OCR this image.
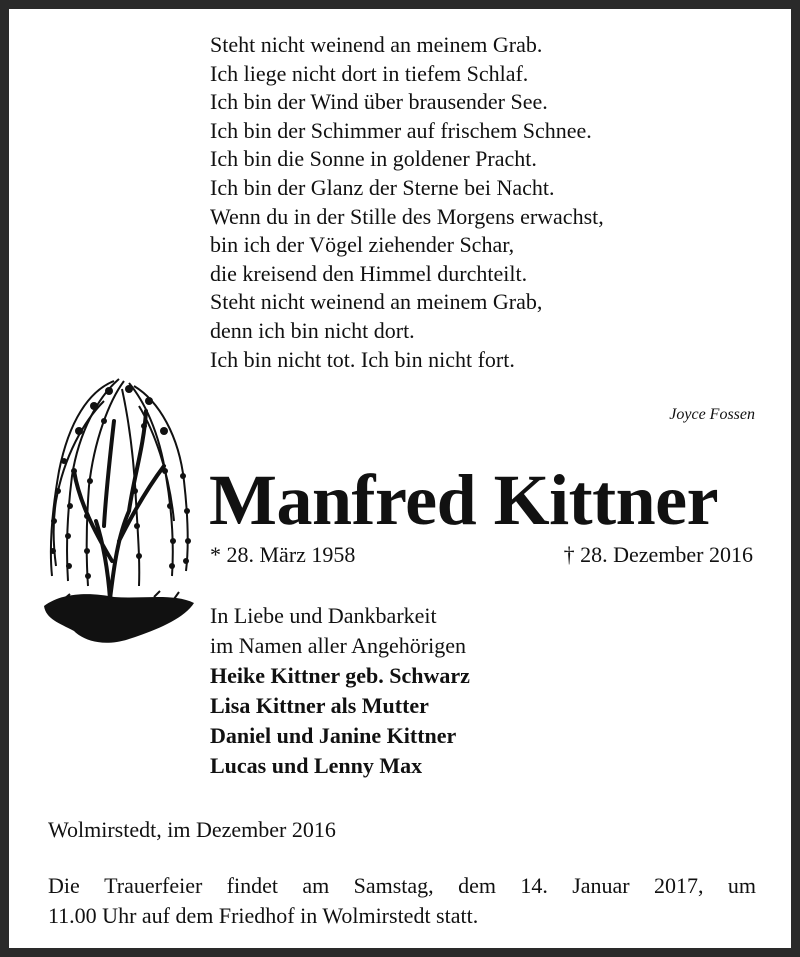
Steht nicht weinend an meinem Grab.
Ich liege nicht dort in tiefem Schlaf.
Ich bin der Wind über brausender See.
Ich bin der Schimmer auf frischem Schnee.
Ich bin die Sonne in goldener Pracht.
Ich bin der Glanz der Sterne bei Nacht.
Wenn du in der Stille des Morgens erwachst,
bin ich der Vögel ziehender Schar,
die kreisend den Himmel durchteilt.
Steht nicht weinend an meinem Grab,
denn ich bin nicht dort.
Ich bin nicht tot. Ich bin nicht fort.
Joyce Fossen
Manfred Kittner
* 28. März 1958	† 28. Dezember 2016
In Liebe und Dankbarkeit
im Namen aller Angehörigen
Heike Kittner geb. Schwarz
Lisa Kittner als Mutter
Daniel und Janine Kittner
Lucas und Lenny Max
Wolmirstedt, im Dezember 2016
Die Trauerfeier findet am Samstag, dem 14. Januar 2017, um
11.00 Uhr auf dem Friedhof in Wolmirstedt statt.
